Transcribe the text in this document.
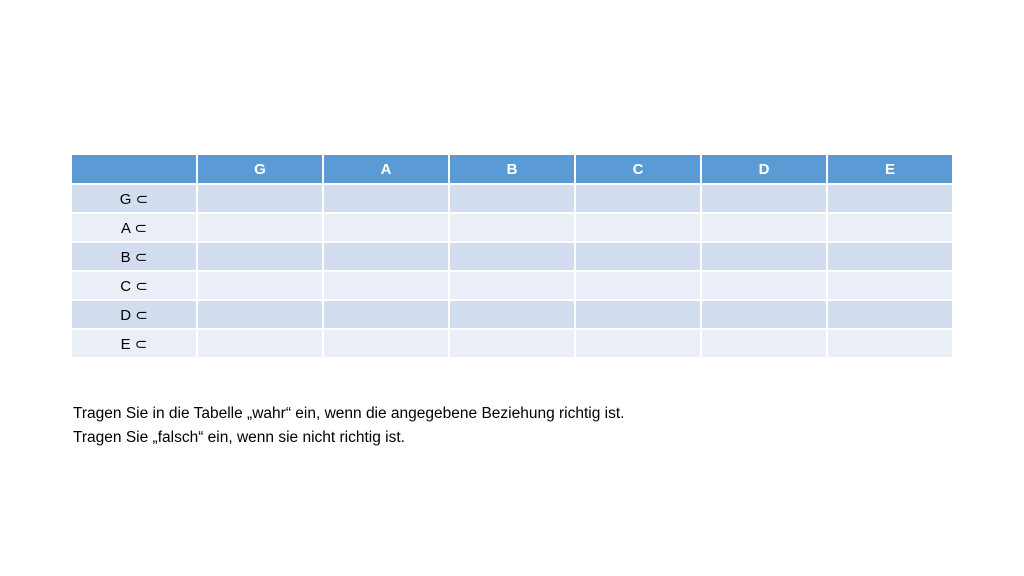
	G	A	B	C	D	E
G ⊂						
A ⊂						
B ⊂						
C ⊂						
D ⊂						
E ⊂						

Tragen Sie in die Tabelle „wahr“ ein, wenn die angegebene Beziehung richtig ist.

Tragen Sie „falsch“ ein, wenn sie nicht richtig ist.
